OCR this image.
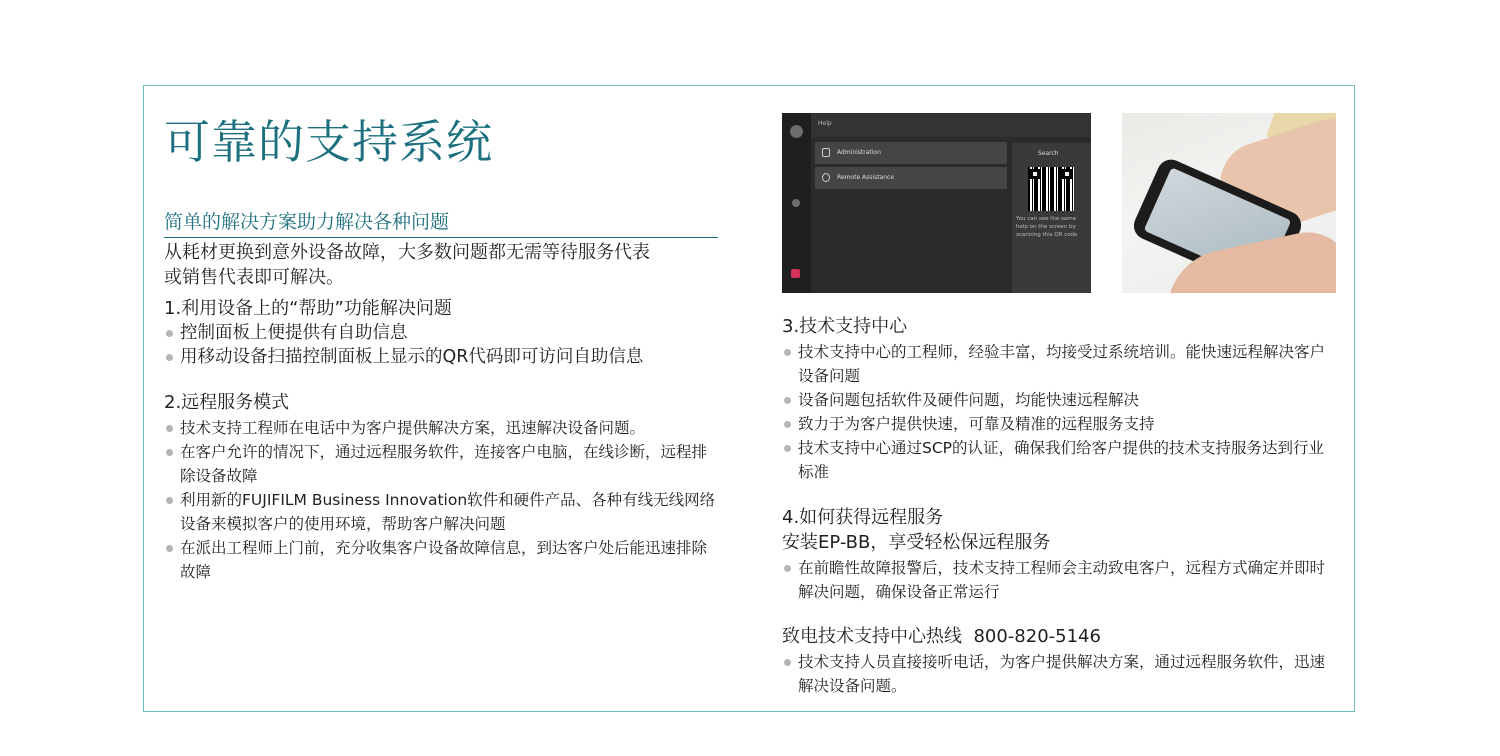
可靠的支持系统
简单的解决方案助力解决各种问题
从耗材更换到意外设备故障，大多数问题都无需等待服务代表
或销售代表即可解决。
1.利用设备上的“帮助”功能解决问题
控制面板上便提供有自助信息
用移动设备扫描控制面板上显示的QR代码即可访问自助信息
2.远程服务模式
技术支持工程师在电话中为客户提供解决方案，迅速解决设备问题。
在客户允许的情况下，通过远程服务软件，连接客户电脑，在线诊断，远程排除设备故障
利用新的FUJIFILM Business Innovation软件和硬件产品、各种有线无线网络设备来模拟客户的使用环境，帮助客户解决问题
在派出工程师上门前，充分收集客户设备故障信息，到达客户处后能迅速排除故障
Help
Administration
Remote Assistance
Search
You can see the same help on the screen by scanning this QR code
3.技术支持中心
技术支持中心的工程师，经验丰富，均接受过系统培训。能快速远程解决客户设备问题
设备问题包括软件及硬件问题，均能快速远程解决
致力于为客户提供快速，可靠及精准的远程服务支持
技术支持中心通过SCP的认证，确保我们给客户提供的技术支持服务达到行业标准
4.如何获得远程服务
安装EP-BB，享受轻松保远程服务
在前瞻性故障报警后，技术支持工程师会主动致电客户，远程方式确定并即时解决问题，确保设备正常运行
致电技术支持中心热线  800-820-5146
技术支持人员直接接听电话，为客户提供解决方案，通过远程服务软件，迅速解决设备问题。
